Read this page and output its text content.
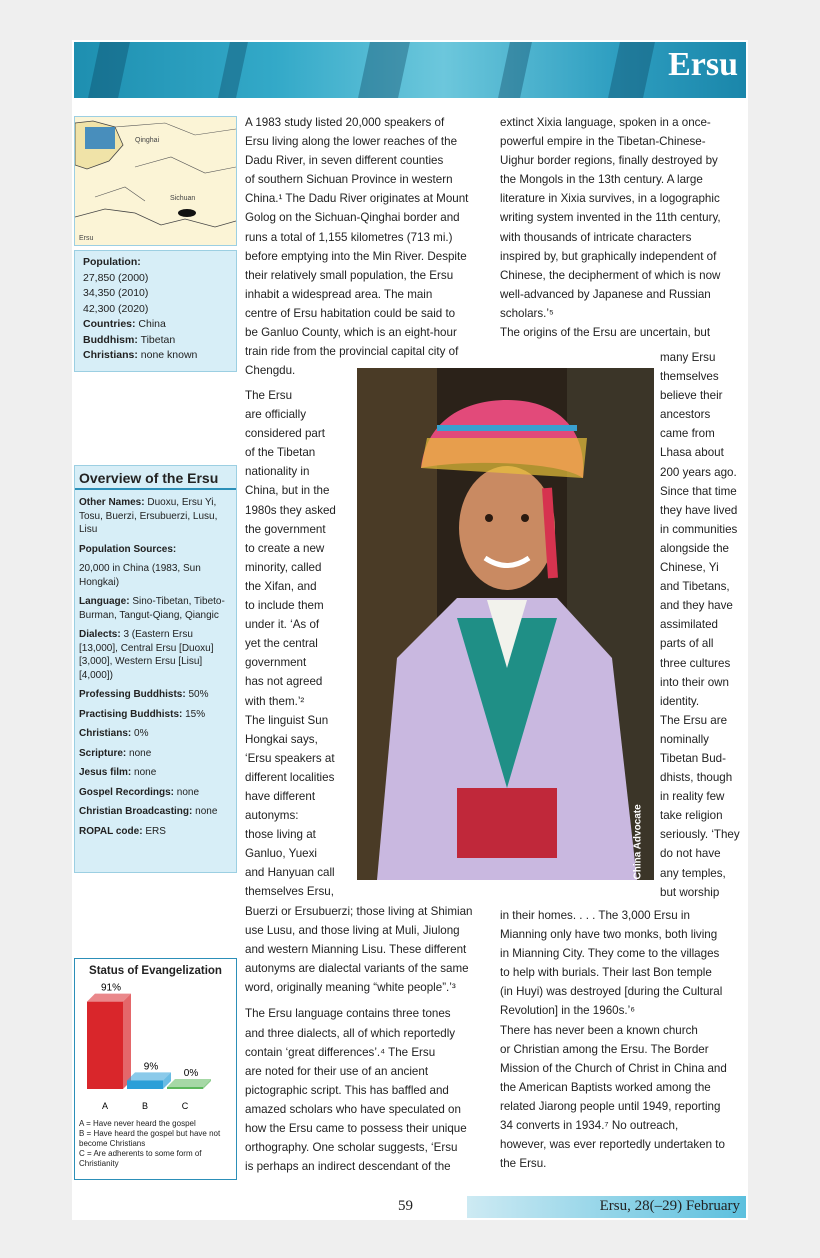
Ersu
Qinghai
Sichuan
Ersu
Population:
27,850 (2000)
34,350 (2010)
42,300 (2020)
Countries: China
Buddhism: Tibetan
Christians: none known
Overview of the Ersu
Other Names: Duoxu, Ersu Yi, Tosu, Buerzi, Ersubuerzi, Lusu, Lisu
Population Sources:
20,000 in China (1983, Sun Hongkai)
Language: Sino-Tibetan, Tibeto-Burman, Tangut-Qiang, Qiangic
Dialects: 3 (Eastern Ersu [13,000], Central Ersu [Duoxu] [3,000], Western Ersu [Lisu] [4,000])
Professing Buddhists: 50%
Practising Buddhists: 15%
Christians: 0%
Scripture: none
Jesus film: none
Gospel Recordings: none
Christian Broadcasting: none
ROPAL code: ERS
Status of Evangelization
91%
A
9%
B
0%
C
A = Have never heard the gospel
B = Have heard the gospel but have not become Christians
C = Are adherents to some form of Christianity
A 1983 study listed 20,000 speakers of
Ersu living along the lower reaches of the
Dadu River, in seven different counties
of southern Sichuan Province in western
China.¹ The Dadu River originates at Mount
Golog on the Sichuan-Qinghai border and
runs a total of 1,155 kilometres (713 mi.)
before emptying into the Min River. Despite
their relatively small population, the Ersu
inhabit a widespread area. The main
centre of Ersu habitation could be said to
be Ganluo County, which is an eight-hour
train ride from the provincial capital city of
Chengdu.
The Ersu
are officially
considered part
of the Tibetan
nationality in
China, but in the
1980s they asked
the government
to create a new
minority, called
the Xifan, and
to include them
under it. ‘As of
yet the central
government
has not agreed
with them.’²
The linguist Sun
Hongkai says,
‘Ersu speakers at
different localities
have different
autonyms:
those living at
Ganluo, Yuexi
and Hanyuan call
themselves Ersu,
Buerzi or Ersubuerzi; those living at Shimian
use Lusu, and those living at Muli, Jiulong
and western Mianning Lisu. These different
autonyms are dialectal variants of the same
word, originally meaning “white people”.’³

The Ersu language contains three tones
and three dialects, all of which reportedly
contain ‘great differences’.⁴ The Ersu
are noted for their use of an ancient
pictographic script. This has baffled and
amazed scholars who have speculated on
how the Ersu came to possess their unique
orthography. One scholar suggests, ‘Ersu
is perhaps an indirect descendant of the
extinct Xixia language, spoken in a once-
powerful empire in the Tibetan-Chinese-
Uighur border regions, finally destroyed by
the Mongols in the 13th century. A large
literature in Xixia survives, in a logographic
writing system invented in the 11th century,
with thousands of intricate characters
inspired by, but graphically independent of
Chinese, the decipherment of which is now
well-advanced by Japanese and Russian
scholars.’⁵
The origins of the Ersu are uncertain, but
many Ersu
themselves
believe their
ancestors
came from
Lhasa about
200 years ago.
Since that time
they have lived
in communities
alongside the
Chinese, Yi
and Tibetans,
and they have
assimilated
parts of all
three cultures
into their own
identity.
The Ersu are
nominally
Tibetan Bud-
dhists, though
in reality few
take religion
seriously. ‘They
do not have
any temples,
but worship
in their homes. . . . The 3,000 Ersu in
Mianning only have two monks, both living
in Mianning City. They come to the villages
to help with burials. Their last Bon temple
(in Huyi) was destroyed [during the Cultural
Revolution] in the 1960s.’⁶
There has never been a known church
or Christian among the Ersu. The Border
Mission of the Church of Christ in China and
the American Baptists worked among the
related Jiarong people until 1949, reporting
34 converts in 1934.⁷ No outreach,
however, was ever reportedly undertaken to
the Ersu.
China Advocate
59	Ersu, 28(–29) February
